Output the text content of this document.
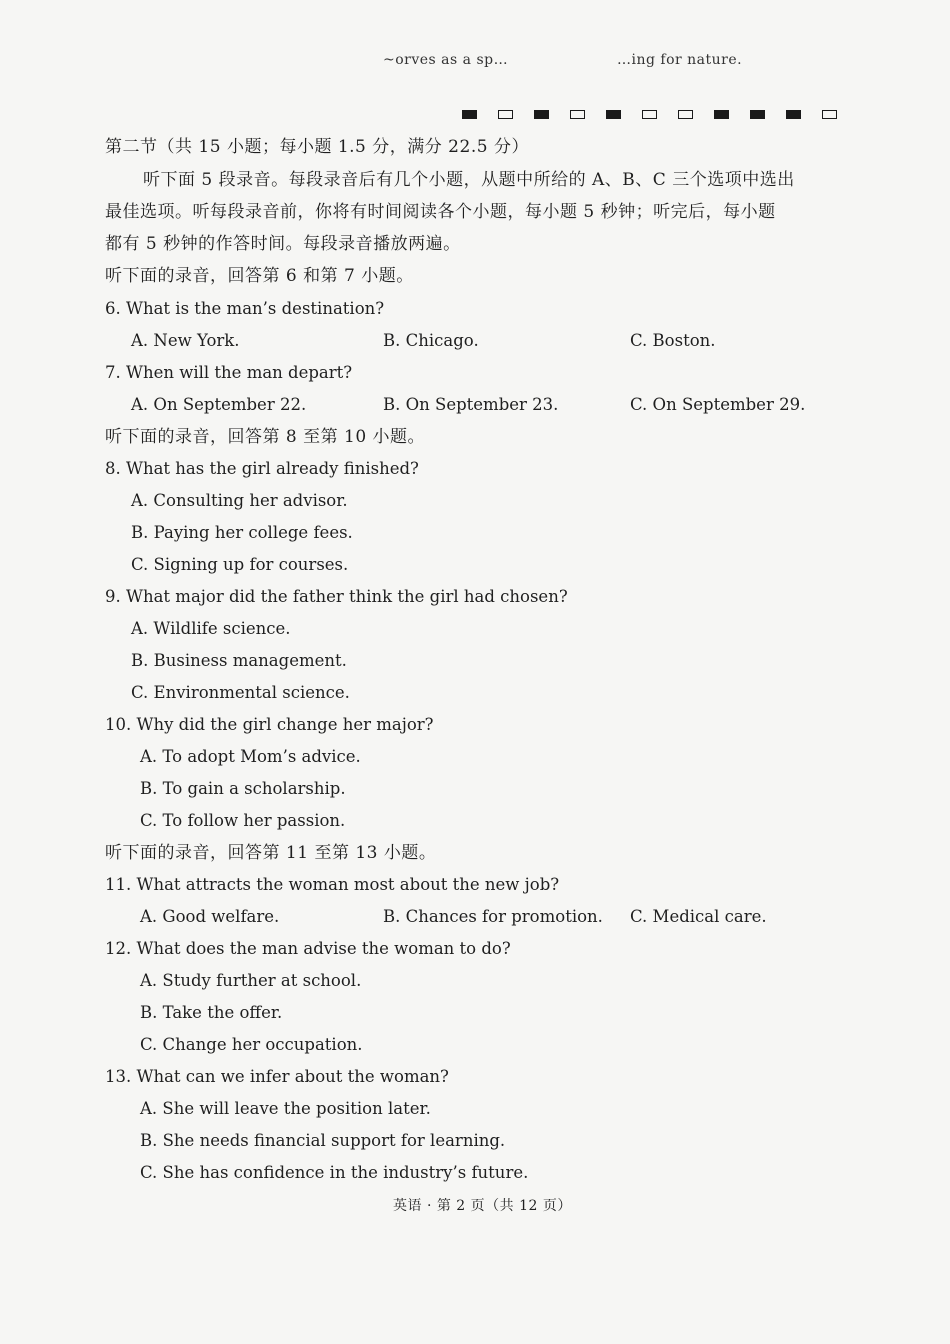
~orves as a sp…	…ing for nature.
第二节（共 15 小题；每小题 1.5 分，满分 22.5 分）
听下面 5 段录音。每段录音后有几个小题，从题中所给的 A、B、C 三个选项中选出
最佳选项。听每段录音前，你将有时间阅读各个小题，每小题 5 秒钟；听完后，每小题
都有 5 秒钟的作答时间。每段录音播放两遍。
听下面的录音，回答第 6 和第 7 小题。
6. What is the man’s destination?
A. New York.	B. Chicago.	C. Boston.
7. When will the man depart?
A. On September 22.	B. On September 23.	C. On September 29.
听下面的录音，回答第 8 至第 10 小题。
8. What has the girl already finished?
A. Consulting her advisor.
B. Paying her college fees.
C. Signing up for courses.
9. What major did the father think the girl had chosen?
A. Wildlife science.
B. Business management.
C. Environmental science.
10. Why did the girl change her major?
A. To adopt Mom’s advice.
B. To gain a scholarship.
C. To follow her passion.
听下面的录音，回答第 11 至第 13 小题。
11. What attracts the woman most about the new job?
A. Good welfare.	B. Chances for promotion. C. Medical care.
12. What does the man advise the woman to do?
A. Study further at school.
B. Take the offer.
C. Change her occupation.
13. What can we infer about the woman?
A. She will leave the position later.
B. She needs financial support for learning.
C. She has confidence in the industry’s future.
英语 · 第 2 页（共 12 页）
